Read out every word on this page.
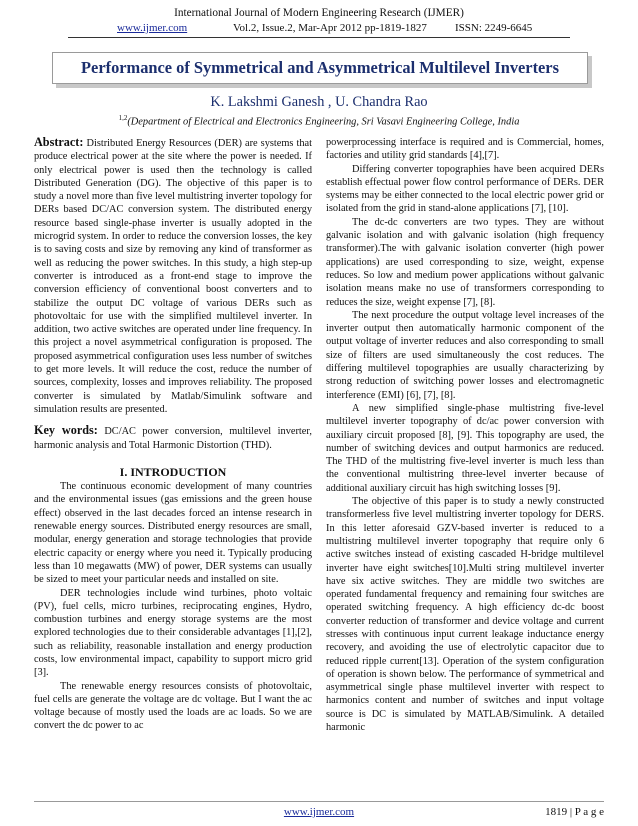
International Journal of Modern Engineering Research (IJMER)
www.ijmer.com	Vol.2, Issue.2, Mar-Apr 2012 pp-1819-1827	ISSN: 2249-6645
Performance of Symmetrical and Asymmetrical Multilevel Inverters
K. Lakshmi Ganesh , U. Chandra Rao
$^{1,2}$(Department of Electrical and Electronics Engineering, Sri Vasavi Engineering College, India

Abstract: Distributed Energy Resources (DER) are systems that produce electrical power at the site where the power is needed. If only electrical power is used then the technology is called Distributed Generation (DG). The objective of this paper is to study a novel more than five level multistring inverter topology for DERs based DC/AC conversion system. The distributed energy resource based single-phase inverter is usually adopted in the microgrid system. In order to reduce the conversion losses, the key is to saving costs and size by removing any kind of transformer as well as reducing the power switches. In this study, a high step-up converter is introduced as a front-end stage to improve the conversion efficiency of conventional boost converters and to stabilize the output DC voltage of various DERs such as photovoltaic for use with the simplified multilevel inverter. In addition, two active switches are operated under line frequency. In this project a novel asymmetrical configuration is proposed. The proposed asymmetrical configuration uses less number of switches to get more levels. It will reduce the cost, reduce the number of sources, complexity, losses and improves reliability. The proposed converter is simulated by Matlab/Simulink software and simulation results are presented.

Key words: DC/AC power conversion, multilevel inverter, harmonic analysis and Total Harmonic Distortion (THD).

I. INTRODUCTION

The continuous economic development of many countries and the environmental issues (gas emissions and the green house effect) observed in the last decades forced an intense research in renewable energy sources. Distributed energy resources are small, modular, energy generation and storage technologies that provide electric capacity or energy where you need it. Typically producing less than 10 megawatts (MW) of power, DER systems can usually be sized to meet your particular needs and installed on site.

DER technologies include wind turbines, photo voltaic (PV), fuel cells, micro turbines, reciprocating engines, Hydro, combustion turbines and energy storage systems are the most explored technologies due to their considerable advantages [1],[2], such as reliability, reasonable installation and energy production costs, low environmental impact, capability to support micro grid [3].

The renewable energy resources consists of photovoltaic, fuel cells are generate the voltage are dc voltage. But I want the ac voltage because of mostly used the loads are ac loads. So we are convert the dc power to ac

powerprocessing interface is required and is Commercial, homes, factories and utility grid standards [4],[7].

Differing converter topographies have been acquired DERs establish effectual power flow control performance of DERs. DER systems may be either connected to the local electric power grid or isolated from the grid in stand-alone applications [7], [10].

The dc-dc converters are two types. They are without galvanic isolation and with galvanic isolation (high frequency transformer).The with galvanic isolation converter (high power applications) are used corresponding to size, weight, expense reduces. So low and medium power applications without galvanic isolation means make no use of transformers corresponding to reduces the size, weight expense [7], [8].

The next procedure the output voltage level increases of the inverter output then automatically harmonic component of the output voltage of inverter reduces and also corresponding to small size of filters are used simultaneously the cost reduces. The differing multilevel topographies are usually characterizing by strong reduction of switching power losses and electromagnetic interference (EMI) [6], [7], [8].

A new simplified single-phase multistring five-level multilevel inverter topography of dc/ac power conversion with auxiliary circuit proposed [8], [9]. This topography are used, the number of switching devices and output harmonics are reduced. The THD of the multistring five-level inverter is much less than the conventional multistring three-level inverter because of additional auxiliary circuit has high switching losses [9].

The objective of this paper is to study a newly constructed transformerless five level multistring inverter topology for DERS. In this letter aforesaid GZV-based inverter is reduced to a multistring multilevel inverter topography that require only 6 active switches instead of existing cascaded H-bridge multilevel inverter have eight switches[10].Multi string multilevel inverter have six active switches. They are middle two switches are operated fundamental frequency and remaining four switches are operated switching frequency. A high efficiency dc-dc boost converter reduction of transformer and device voltage and current stresses with continuous input current leakage inductance energy recovery, and avoiding the use of electrolytic capacitor due to reduced ripple current[13]. Operation of the system configuration of operation is shown below. The performance of symmetrical and asymmetrical single phase multilevel inverter with respect to harmonics content and number of switches and input voltage source is DC is simulated by MATLAB/Simulink. A detailed harmonic

www.ijmer.com	1819 | P a g e
